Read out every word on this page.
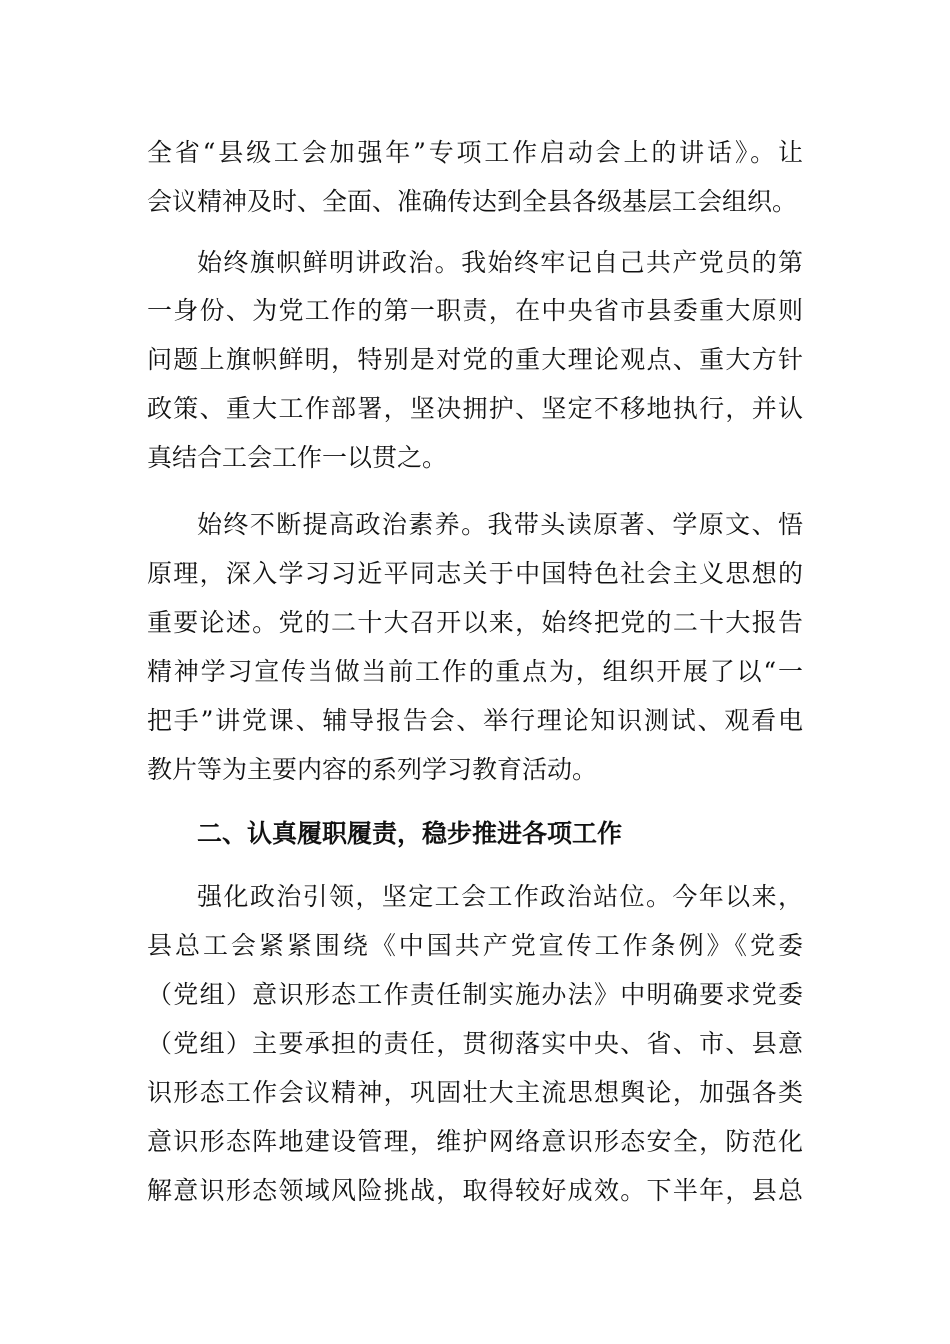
全省“县级工会加强年”专项工作启动会上的讲话》。让
会议精神及时、全面、准确传达到全县各级基层工会组织。
始终旗帜鲜明讲政治。我始终牢记自己共产党员的第
一身份、为党工作的第一职责，在中央省市县委重大原则
问题上旗帜鲜明，特别是对党的重大理论观点、重大方针
政策、重大工作部署，坚决拥护、坚定不移地执行，并认
真结合工会工作一以贯之。
始终不断提高政治素养。我带头读原著、学原文、悟
原理，深入学习习近平同志关于中国特色社会主义思想的
重要论述。党的二十大召开以来，始终把党的二十大报告
精神学习宣传当做当前工作的重点为，组织开展了以“一
把手”讲党课、辅导报告会、举行理论知识测试、观看电
教片等为主要内容的系列学习教育活动。
二、认真履职履责，稳步推进各项工作
强化政治引领，坚定工会工作政治站位。今年以来，
县总工会紧紧围绕《中国共产党宣传工作条例》《党委
（党组）意识形态工作责任制实施办法》中明确要求党委
（党组）主要承担的责任，贯彻落实中央、省、市、县意
识形态工作会议精神，巩固壮大主流思想舆论，加强各类
意识形态阵地建设管理，维护网络意识形态安全，防范化
解意识形态领域风险挑战，取得较好成效。下半年，县总
